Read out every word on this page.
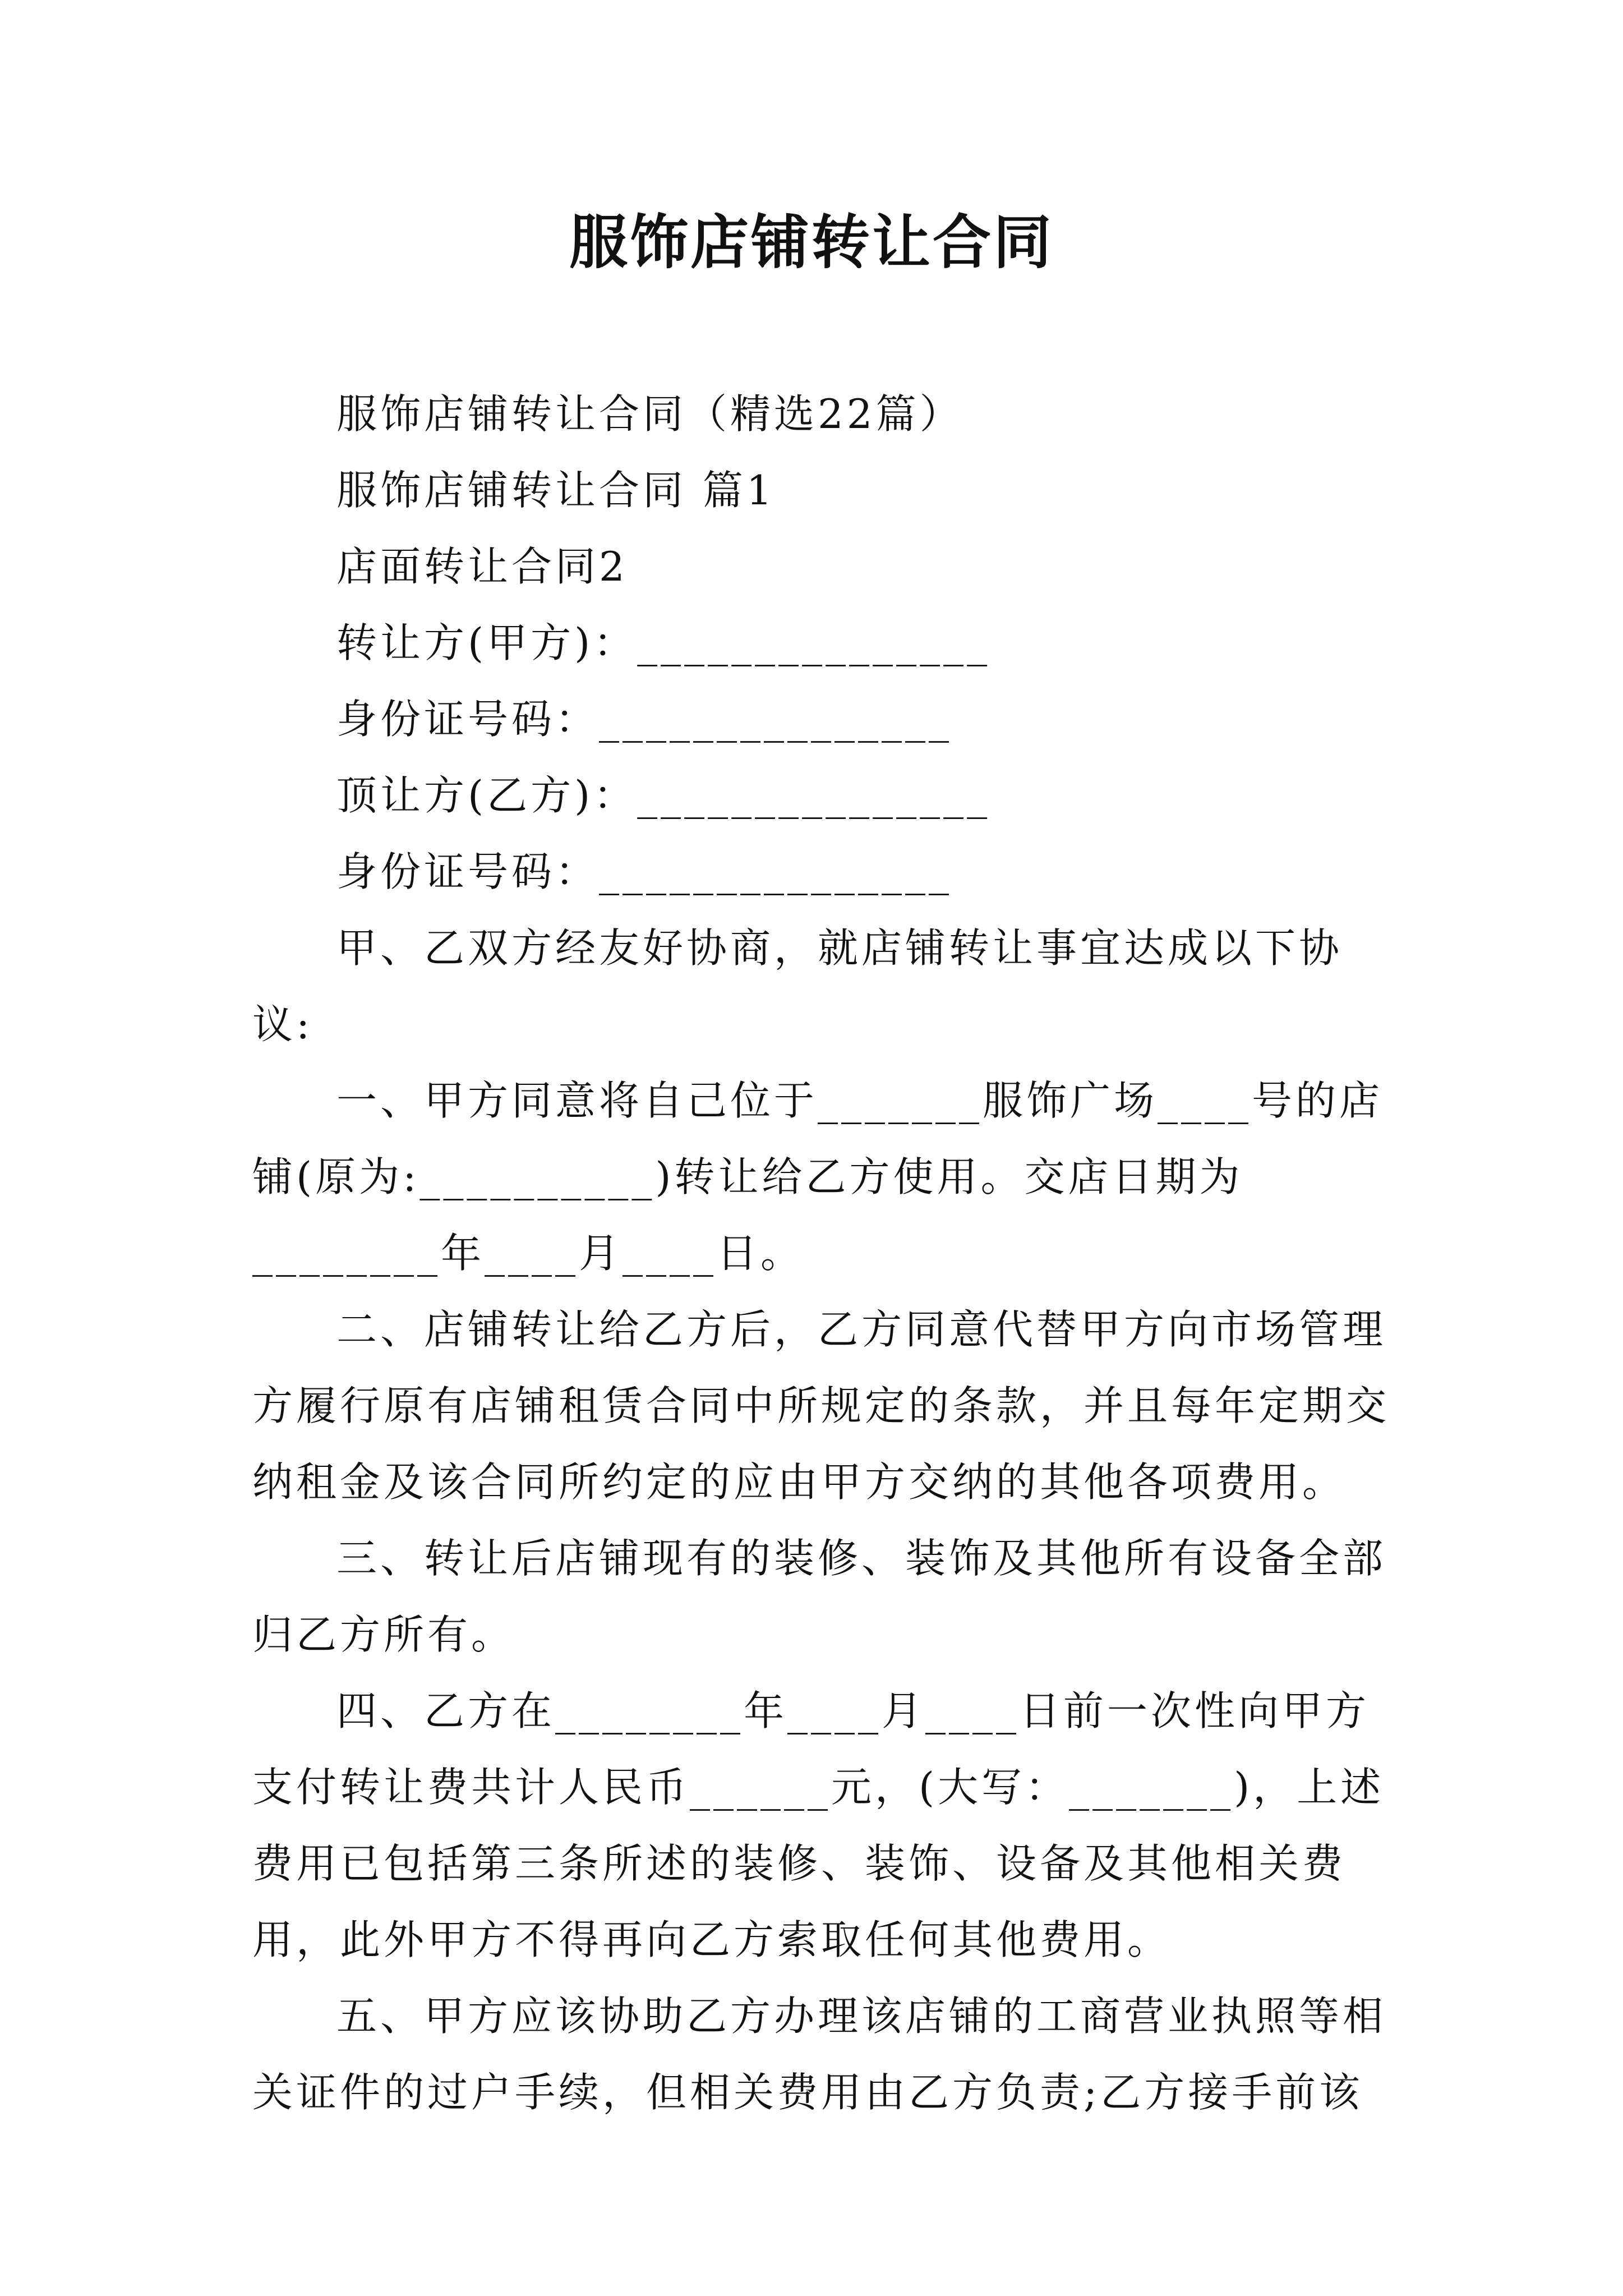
服饰店铺转让合同
服饰店铺转让合同（精选22篇）
服饰店铺转让合同 篇1
店面转让合同2
转让方(甲方)：_______________
身份证号码：_______________
顶让方(乙方)：_______________
身份证号码：_______________

甲、乙双方经友好协商，就店铺转让事宜达成以下协议:

一、甲方同意将自己位于_______服饰广场____号的店铺(原为:__________)转让给乙方使用。交店日期为________年____月____日。

二、店铺转让给乙方后，乙方同意代替甲方向市场管理方履行原有店铺租赁合同中所规定的条款，并且每年定期交纳租金及该合同所约定的应由甲方交纳的其他各项费用。

三、转让后店铺现有的装修、装饰及其他所有设备全部归乙方所有。

四、乙方在________年____月____日前一次性向甲方支付转让费共计人民币______元，(大写：_______)，上述费用已包括第三条所述的装修、装饰、设备及其他相关费用，此外甲方不得再向乙方索取任何其他费用。

五、甲方应该协助乙方办理该店铺的工商营业执照等相关证件的过户手续，但相关费用由乙方负责;乙方接手前该
